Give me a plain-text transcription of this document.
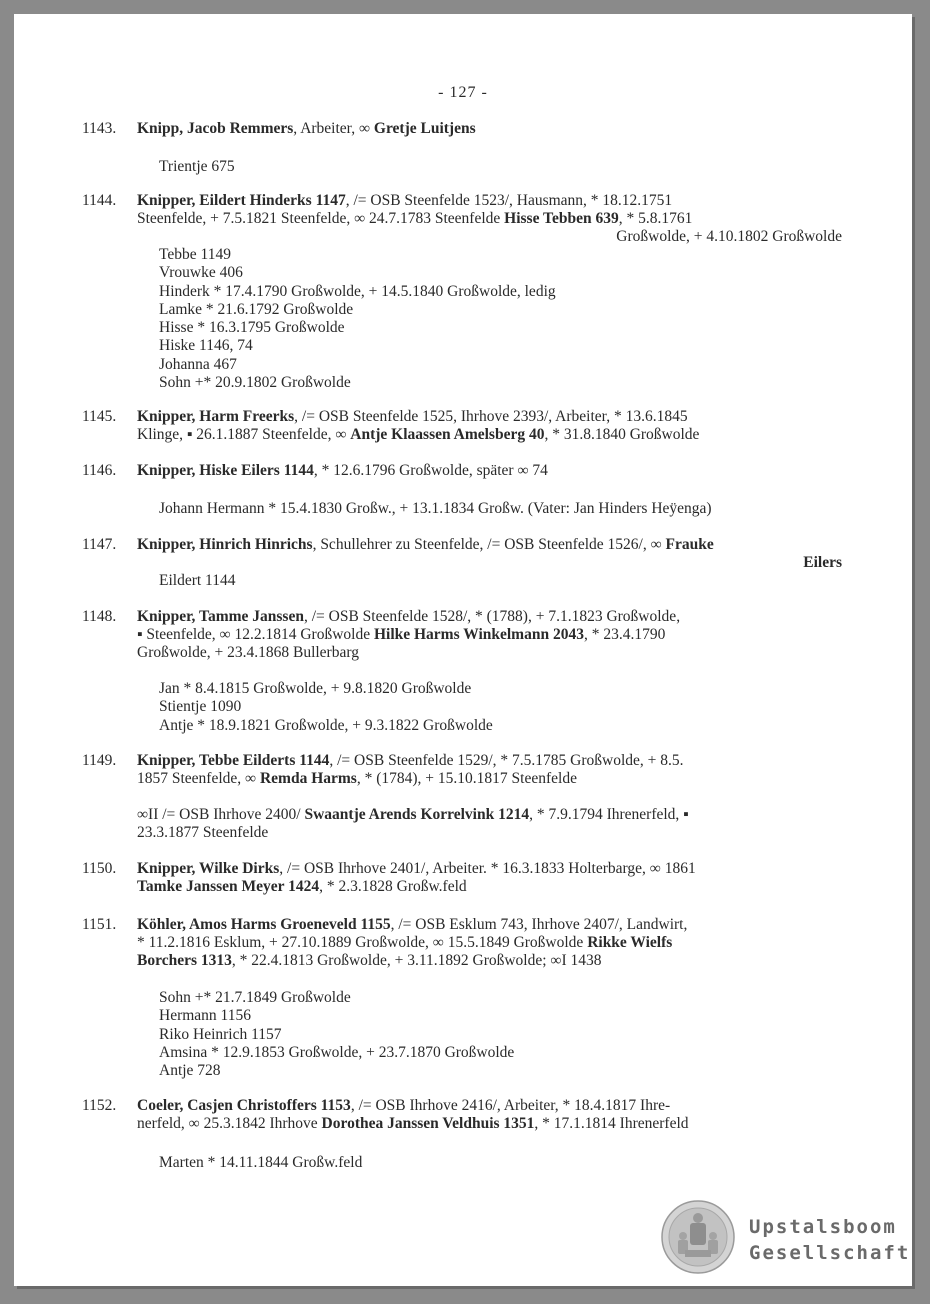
- 127 -
1143.	Knipp, Jacob Remmers, Arbeiter, ∞ Gretje Luitjens
Trientje 675
1144.	Knipper, Eildert Hinderks 1147, /= OSB Steenfelde 1523/, Hausmann, * 18.12.1751
Steenfelde, + 7.5.1821 Steenfelde, ∞ 24.7.1783 Steenfelde Hisse Tebben 639, * 5.8.1761
Großwolde, + 4.10.1802 Großwolde
Tebbe 1149
Vrouwke 406
Hinderk * 17.4.1790 Großwolde, + 14.5.1840 Großwolde, ledig
Lamke * 21.6.1792 Großwolde
Hisse * 16.3.1795 Großwolde
Hiske 1146, 74
Johanna 467
Sohn +* 20.9.1802 Großwolde
1145.	Knipper, Harm Freerks, /= OSB Steenfelde 1525, Ihrhove 2393/, Arbeiter, * 13.6.1845
Klinge, ▪ 26.1.1887 Steenfelde, ∞ Antje Klaassen Amelsberg 40, * 31.8.1840 Großwolde
1146.	Knipper, Hiske Eilers 1144, * 12.6.1796 Großwolde, später ∞ 74
Johann Hermann * 15.4.1830 Großw., + 13.1.1834 Großw. (Vater: Jan Hinders Heÿenga)
1147.	Knipper, Hinrich Hinrichs, Schullehrer zu Steenfelde, /= OSB Steenfelde 1526/, ∞ Frauke
Eilers
Eildert 1144
1148.	Knipper, Tamme Janssen, /= OSB Steenfelde 1528/, * (1788), + 7.1.1823 Großwolde,
▪ Steenfelde, ∞ 12.2.1814 Großwolde Hilke Harms Winkelmann 2043, * 23.4.1790
Großwolde, + 23.4.1868 Bullerbarg
Jan * 8.4.1815 Großwolde, + 9.8.1820 Großwolde
Stientje 1090
Antje * 18.9.1821 Großwolde, + 9.3.1822 Großwolde
1149.	Knipper, Tebbe Eilderts 1144, /= OSB Steenfelde 1529/, * 7.5.1785 Großwolde, + 8.5.
1857 Steenfelde, ∞ Remda Harms, * (1784), + 15.10.1817 Steenfelde
∞II /= OSB Ihrhove 2400/ Swaantje Arends Korrelvink 1214, * 7.9.1794 Ihrenerfeld, ▪
23.3.1877 Steenfelde
1150.	Knipper, Wilke Dirks, /= OSB Ihrhove 2401/, Arbeiter. * 16.3.1833 Holterbarge, ∞ 1861
Tamke Janssen Meyer 1424, * 2.3.1828 Großw.feld
1151.	Köhler, Amos Harms Groeneveld 1155, /= OSB Esklum 743, Ihrhove 2407/, Landwirt,
* 11.2.1816 Esklum, + 27.10.1889 Großwolde, ∞ 15.5.1849 Großwolde Rikke Wielfs
Borchers 1313, * 22.4.1813 Großwolde, + 3.11.1892 Großwolde; ∞I 1438
Sohn +* 21.7.1849 Großwolde
Hermann 1156
Riko Heinrich 1157
Amsina * 12.9.1853 Großwolde, + 23.7.1870 Großwolde
Antje 728
1152.	Coeler, Casjen Christoffers 1153, /= OSB Ihrhove 2416/, Arbeiter, * 18.4.1817 Ihre-
nerfeld, ∞ 25.3.1842 Ihrhove Dorothea Janssen Veldhuis 1351, * 17.1.1814 Ihrenerfeld
Marten * 14.11.1844 Großw.feld
Upstalsboom
Gesellschaft
